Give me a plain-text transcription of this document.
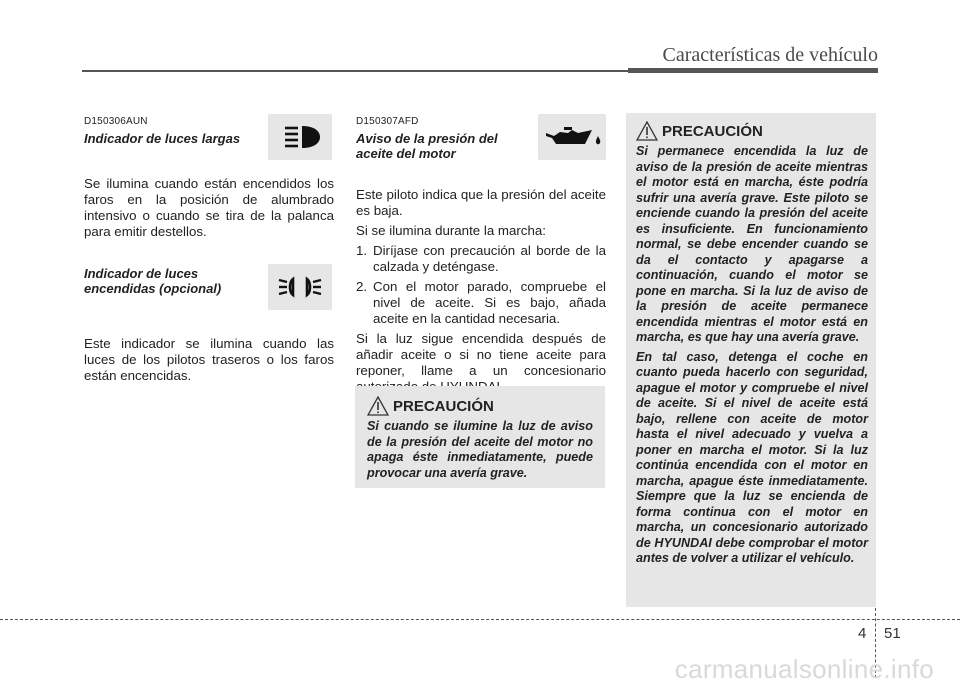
Características de vehículo
D150306AUN
Indicador de luces largas
Se ilumina cuando están encendidos los faros en la posición de alumbrado intensivo o cuando se tira de la palanca para emitir destellos.
Indicador de luces
encendidas (opcional)
Este indicador se ilumina cuando las luces de los pilotos traseros o los faros están encencidas.
D150307AFD
Aviso de la presión del
aceite del motor
Este piloto indica que la presión del aceite es baja.
Si se ilumina durante la marcha:
1. Diríjase con precaución al borde de la calzada y deténgase.
2. Con el motor parado, compruebe el nivel de aceite. Si es bajo, añada aceite en la cantidad necesaria.
Si la luz sigue encendida después de añadir aceite o si no tiene aceite para reponer, llame a un concesionario
PRECAUCIÓN
Si cuando se ilumine la luz de aviso de la presión del aceite del motor no apaga éste inmediatamente, puede provocar una avería grave.
PRECAUCIÓN
Si permanece encendida la luz de aviso de la presión de aceite mientras el motor está en marcha, éste podría sufrir una avería grave. Este piloto se enciende cuando la presión del aceite es insuficiente. En funcionamiento normal, se debe encender cuando se da el contacto y apagarse a continuación, cuando el motor se pone en marcha. Si la luz de aviso de la presión de aceite permanece encendida mientras el motor está en marcha, es que hay una avería grave.
En tal caso, detenga el coche en cuanto pueda hacerlo con seguridad, apague el motor y compruebe el nivel de aceite. Si el nivel de aceite está bajo, rellene con aceite de motor hasta el nivel adecuado y vuelva a poner en marcha el motor. Si la luz continúa encendida con el motor en marcha, apague éste inmediatamente. Siempre que la luz se encienda de forma continua con el motor en marcha, un concesionario autorizado de HYUNDAI debe comprobar el motor antes de volver a utilizar el vehículo.
4 51
carmanualsonline.info
